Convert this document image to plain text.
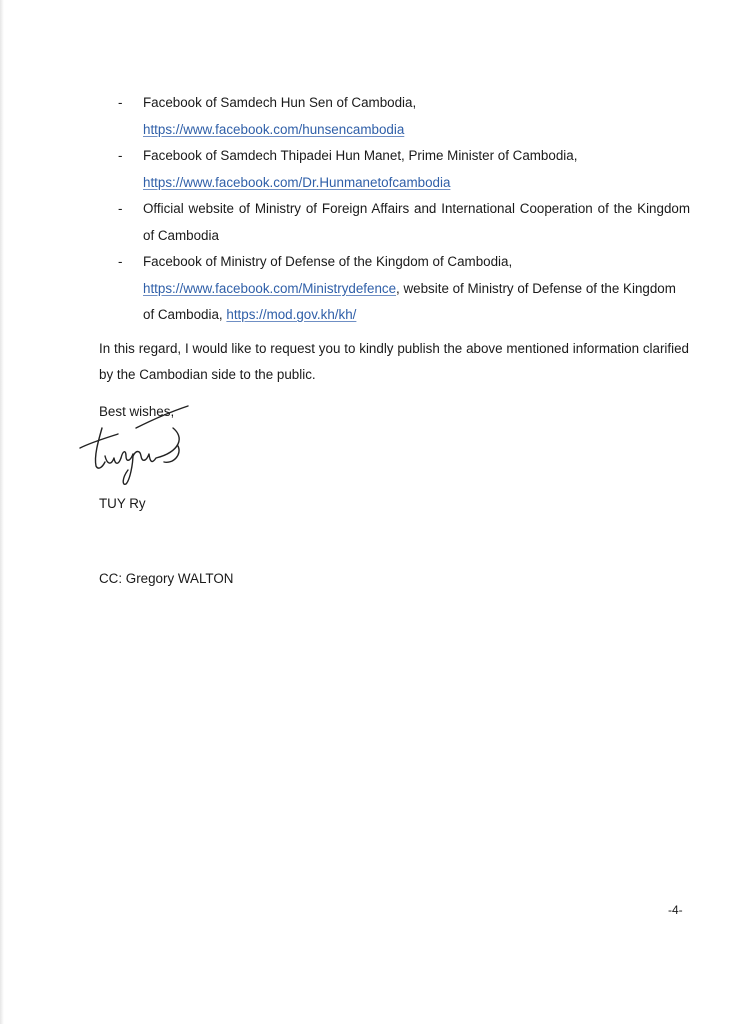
- Facebook of Samdech Hun Sen of Cambodia,
https://www.facebook.com/hunsencambodia
- Facebook of Samdech Thipadei Hun Manet, Prime Minister of Cambodia,
https://www.facebook.com/Dr.Hunmanetofcambodia
- Official website of Ministry of Foreign Affairs and International Cooperation of the Kingdom of Cambodia
- Facebook of Ministry of Defense of the Kingdom of Cambodia,
https://www.facebook.com/Ministrydefence, website of Ministry of Defense of the Kingdom of Cambodia, https://mod.gov.kh/kh/

In this regard, I would like to request you to kindly publish the above mentioned information clarified by the Cambodian side to the public.

Best wishes,

TUY Ry

CC: Gregory WALTON

-4-
